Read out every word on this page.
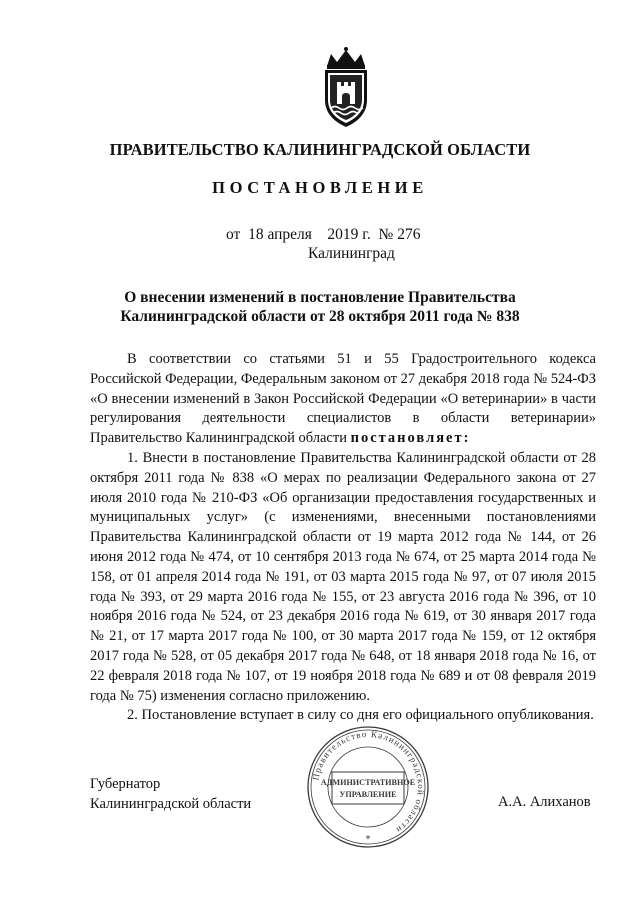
ПРАВИТЕЛЬСТВО КАЛИНИНГРАДСКОЙ ОБЛАСТИ
ПОСТАНОВЛЕНИЕ
от 18 апреля 2019 г. № 276
Калининград
О внесении изменений в постановление Правительства
Калининградской области от 28 октября 2011 года № 838

В соответствии со статьями 51 и 55 Градостроительного кодекса Российской Федерации, Федеральным законом от 27 декабря 2018 года № 524-ФЗ «О внесении изменений в Закон Российской Федерации «О ветеринарии» в части регулирования деятельности специалистов в области ветеринарии» Правительство Калининградской области постановляет:

1. Внести в постановление Правительства Калининградской области от 28 октября 2011 года № 838 «О мерах по реализации Федерального закона от 27 июля 2010 года № 210-ФЗ «Об организации предоставления государственных и муниципальных услуг» (с изменениями, внесенными постановлениями Правительства Калининградской области от 19 марта 2012 года № 144, от 26 июня 2012 года № 474, от 10 сентября 2013 года № 674, от 25 марта 2014 года № 158, от 01 апреля 2014 года № 191, от 03 марта 2015 года № 97, от 07 июля 2015 года № 393, от 29 марта 2016 года № 155, от 23 августа 2016 года № 396, от 10 ноября 2016 года № 524, от 23 декабря 2016 года № 619, от 30 января 2017 года № 21, от 17 марта 2017 года № 100, от 30 марта 2017 года № 159, от 12 октября 2017 года № 528, от 05 декабря 2017 года № 648, от 18 января 2018 года № 16, от 22 февраля 2018 года № 107, от 19 ноября 2018 года № 689 и от 08 февраля 2019 года № 75) изменения согласно приложению.

2. Постановление вступает в силу со дня его официального опубликования.

Губернатор
Калининградской области
Правительство Калининградской области
АДМИНИСТРАТИВНОЕ
УПРАВЛЕНИЕ
*
А.А. Алиханов
